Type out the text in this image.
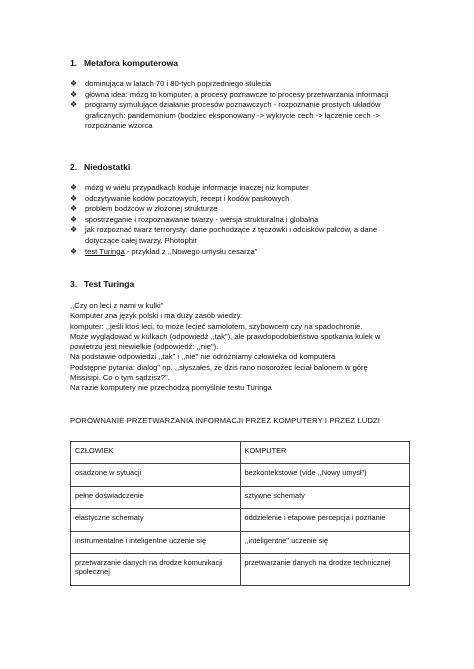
1. Metafora komputerowa
❖ dominująca w latach 70 i 80-tych poprzedniego stulecia
❖ główna idea: mózg to komputer, a procesy poznawcze to procesy przetwarzania informacji
❖ programy symulujące działanie procesów poznawczych - rozpoznanie prostych układów graficznych: pandemonium (bodziec eksponowany -> wykrycie cech -> łączenie cech -> rozpoznanie wzorca
2. Niedostatki
❖ mózg w wielu przypadkach koduje informacje inaczej niż komputer
❖ odczytywanie kodów pocztowych, recept i kodów paskowych
❖ problem bodźców w złożonej strukturze
❖ spostrzeganie i rozpoznawanie twarzy - wersja strukturalna i globalna
❖ jak rozpoznać twarz terrorysty: dane pochodzące z tęczówki i odcisków palców, a dane dotyczące całej twarzy. Photophit
❖ test Turinga - przykład z ,,Nowego umysłu cesarza"
3. Test Turinga
,,Czy on leci z nami w kulki"
Komputer zna język polski i ma duży zasób wiedzy.
komputer: ,,jeśli ktoś leci, to może lecieć samolotem, szybowcem czy na spadochronie.
Może wyglądować w kulkach (odpowiedź ,,tak"), ale prawdopodobieństwo spotkania kulek w
powietrzu jest niewielkie (odpowiedź: ,,nie").
Na podstawie odpowiedzi ,,tak" i ,,nie" nie odróżniamy człowieka od komputera
Podstępne pytania: dialog" np. ,,słyszałeś, że dziś rano nosorożec leciał balonem w górę
Missisipi. Co o tym sądzisz?".
Na razie komputery nie przechodzą pomyślnie testu Turinga
PORÓWNANIE PRZETWARZANIA INFORMACJI PRZEZ KOMPUTERY I PRZEZ LUDZI
CZŁOWIEK	KOMPUTER
osadzone w sytuacji	bezkontekstowe (vide ,,Nowy umysł")
pełne doświadczenie	sztywne schematy
elastyczne schematy	oddzielenie i etapowe percepcja i poznanie
instrumentalne i inteligentne uczenie się	,,inteligentne" uczenie się
przetwarzanie danych na drodze komunikacji społecznej	przetwarzanie danych na drodze technicznej
